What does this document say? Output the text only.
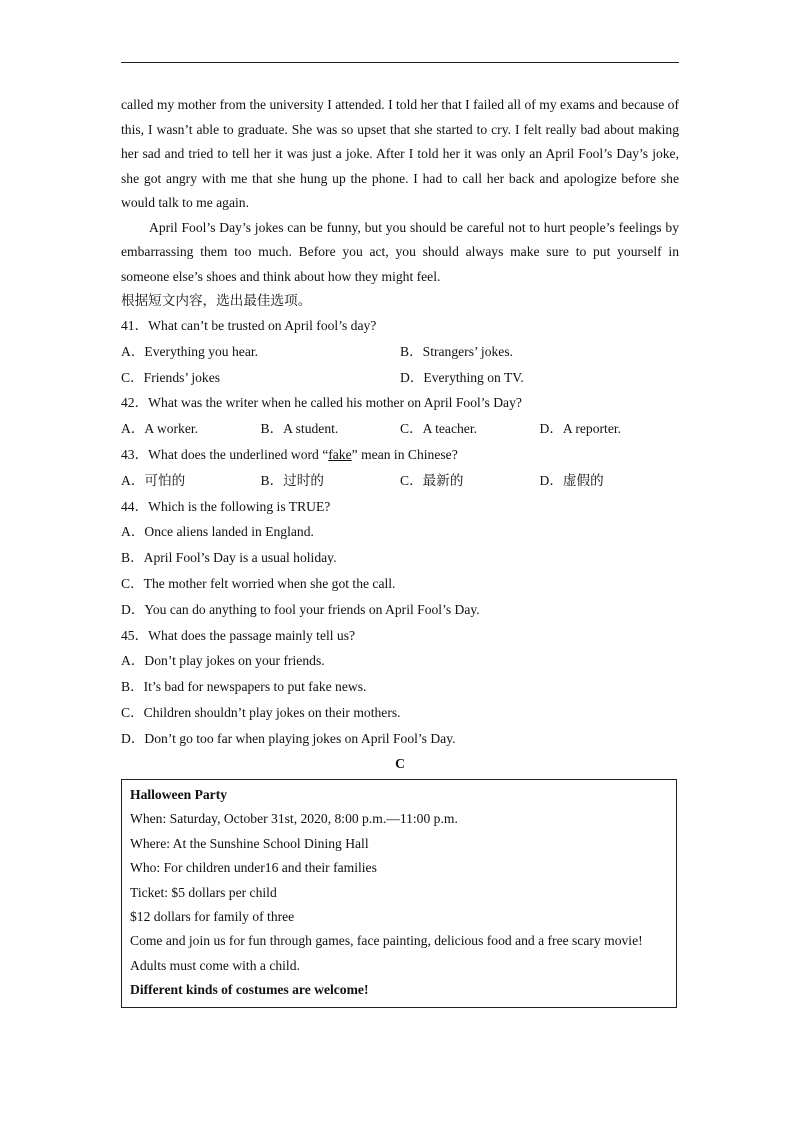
called my mother from the university I attended. I told her that I failed all of my exams and because of this, I wasn’t able to graduate. She was so upset that she started to cry. I felt really bad about making her sad and tried to tell her it was just a joke. After I told her it was only an April Fool’s Day’s joke, she got angry with me that she hung up the phone. I had to call her back and apologize before she would talk to me again.

April Fool’s Day’s jokes can be funny, but you should be careful not to hurt people’s feelings by embarrassing them too much. Before you act, you should always make sure to put yourself in someone else’s shoes and think about how they might feel.

根据短文内容，选出最佳选项。
41．What can’t be trusted on April fool’s day?
A．Everything you hear.	B．Strangers’ jokes.
C．Friends’ jokes	D．Everything on TV.
42．What was the writer when he called his mother on April Fool’s Day?
A．A worker.	B．A student.	C．A teacher.	D．A reporter.
43．What does the underlined word “fake” mean in Chinese?
A．可怕的	B．过时的	C．最新的	D．虚假的
44．Which is the following is TRUE?
A．Once aliens landed in England.
B．April Fool’s Day is a usual holiday.
C．The mother felt worried when she got the call.
D．You can do anything to fool your friends on April Fool’s Day.
45．What does the passage mainly tell us?
A．Don’t play jokes on your friends.
B．It’s bad for newspapers to put fake news.
C．Children shouldn’t play jokes on their mothers.
D．Don’t go too far when playing jokes on April Fool’s Day.
C
Halloween Party
When: Saturday, October 31st, 2020, 8:00 p.m.—11:00 p.m.
Where: At the Sunshine School Dining Hall
Who: For children under16 and their families
Ticket: $5 dollars per child
$12 dollars for family of three
Come and join us for fun through games, face painting, delicious food and a free scary movie!
Adults must come with a child.
Different kinds of costumes are welcome!
